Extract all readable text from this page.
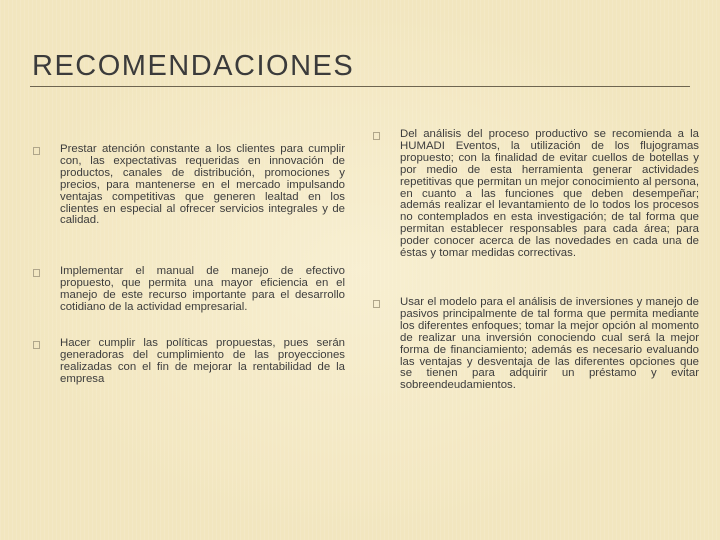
RECOMENDACIONES
Prestar atención constante a los clientes para cumplir con, las expectativas requeridas en innovación de productos, canales de distribución, promociones y precios, para mantenerse en el mercado impulsando ventajas competitivas que generen lealtad en los clientes en especial al ofrecer servicios integrales y de calidad.
Implementar el manual de manejo de efectivo propuesto, que permita una mayor eficiencia en el manejo de este recurso importante para el desarrollo cotidiano de la actividad empresarial.
Hacer cumplir las políticas propuestas, pues serán generadoras del cumplimiento de las proyecciones realizadas con el fin de mejorar la rentabilidad de la empresa
Del análisis del proceso productivo se recomienda a la HUMADI Eventos, la utilización de los flujogramas propuesto; con la finalidad de evitar cuellos de botellas y por medio de esta herramienta generar actividades repetitivas que permitan un mejor conocimiento al persona, en cuanto a las funciones que deben desempeñar; además realizar el levantamiento de lo todos los procesos no contemplados en esta investigación; de tal forma que permitan establecer responsables para cada área; para poder conocer acerca de las novedades en cada una de éstas y tomar medidas correctivas.
Usar el modelo para el análisis de inversiones y manejo de pasivos principalmente de tal forma que permita mediante los diferentes enfoques; tomar la mejor opción al momento de realizar una inversión conociendo cual será la mejor forma de financiamiento; además es necesario evaluando las ventajas y desventaja de las diferentes opciones que se tienen para adquirir un préstamo y evitar sobreendeudamientos.
